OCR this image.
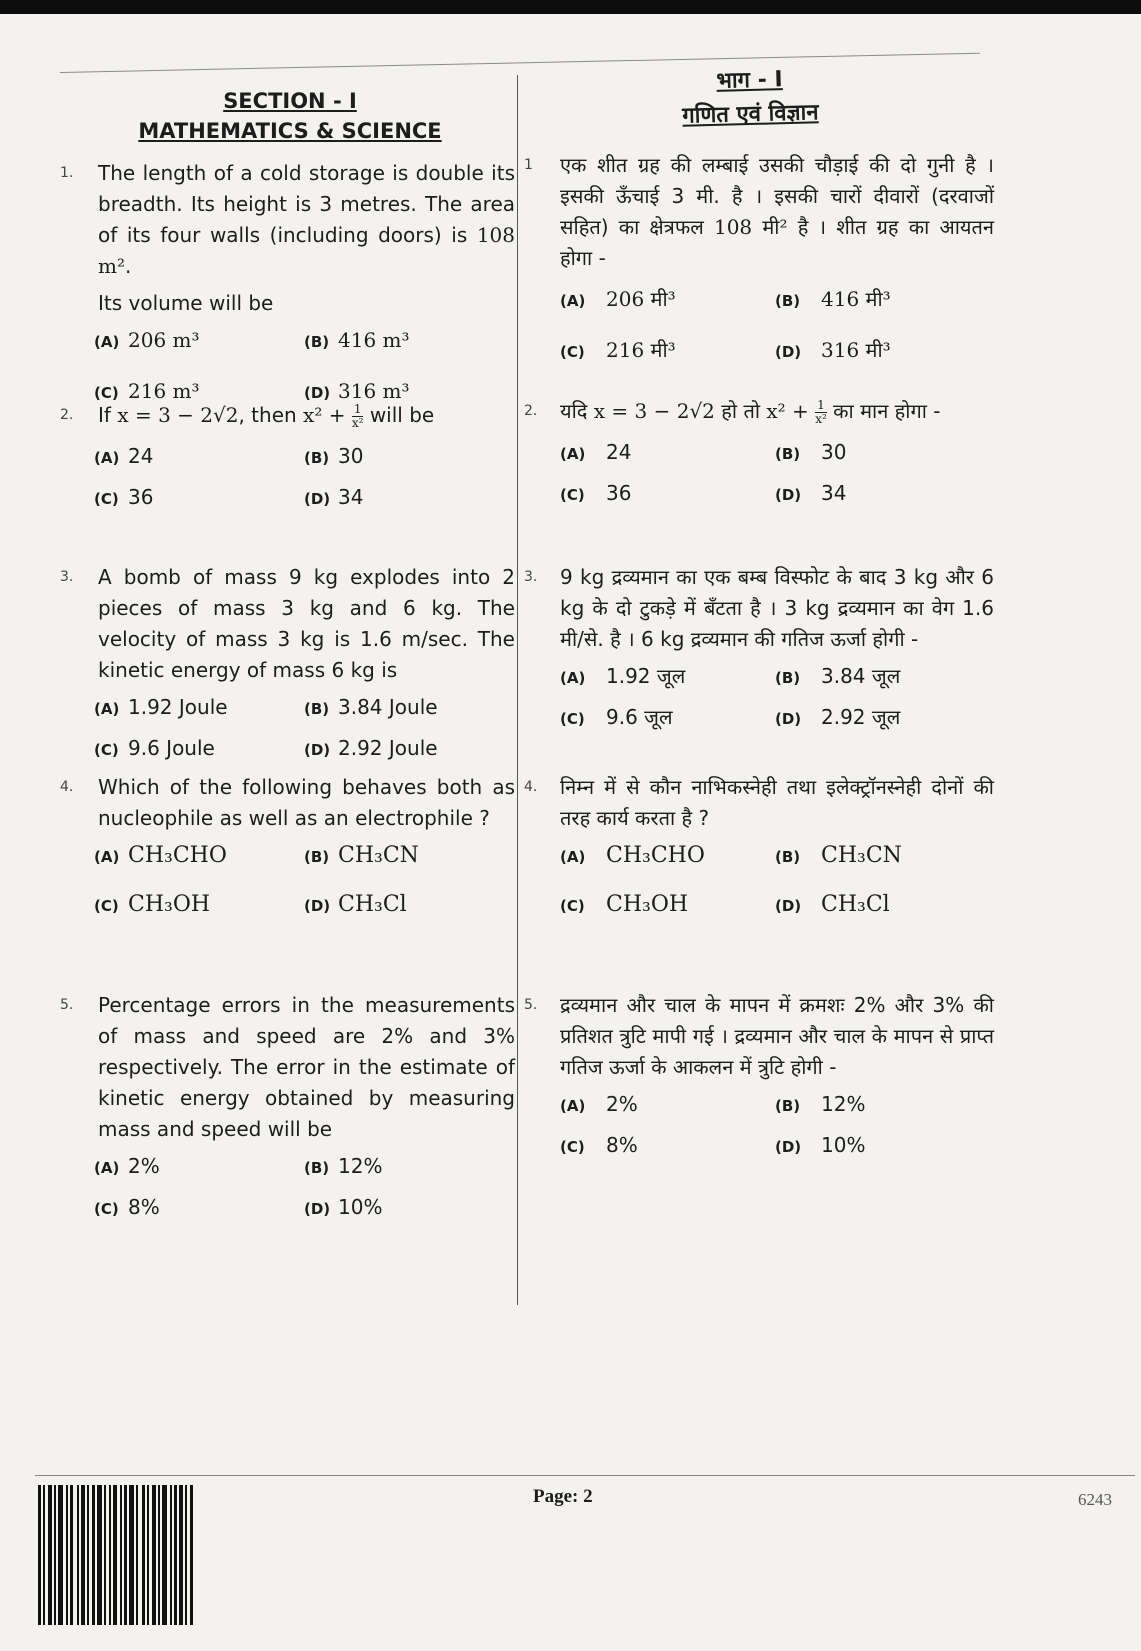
SECTION - I
MATHEMATICS & SCIENCE
भाग - I
गणित एवं विज्ञान
1. The length of a cold storage is double its breadth. Its height is 3 metres. The area of its four walls (including doors) is 108 m².
Its volume will be
(A) 206 m³	(B) 416 m³
(C) 216 m³	(D) 316 m³
2. If x = 3 − 2√2, then $x^2 + \frac{1}{\text{x²}}$ will be
(A) 24	(B) 30
(C) 36	(D) 34
3. A bomb of mass 9 kg explodes into 2 pieces of mass 3 kg and 6 kg. The velocity of mass 3 kg is 1.6 m/sec. The kinetic energy of mass 6 kg is
(A) 1.92 Joule	(B) 3.84 Joule
(C) 9.6 Joule	(D) 2.92 Joule
4. Which of the following behaves both as nucleophile as well as an electrophile ?
(A) CH₃CHO	(B) CH₃CN
(C) CH₃OH	(D) CH₃Cl
5. Percentage errors in the measurements of mass and speed are 2% and 3% respectively. The error in the estimate of kinetic energy obtained by measuring mass and speed will be
(A) 2%	(B) 12%
(C) 8%	(D) 10%
1 एक शीत ग्रह की लम्बाई उसकी चौड़ाई की दो गुनी है । इसकी ऊँचाई 3 मी. है । इसकी चारों दीवारों (दरवाजों सहित) का क्षेत्रफल 108 मी² है । शीत ग्रह का आयतन होगा -
(A)	206 मी³	(B)	416 मी³
(C)	216 मी³	(D) 316 मी³
2. यदि x = 3 − 2√2 हो तो $x^2 + \frac{1}{\text{x²}}$ का मान होगा -
(A)	24	(B)	30
(C)	36	(D) 34
3. 9 kg द्रव्यमान का एक बम्ब विस्फोट के बाद 3 kg और 6 kg के दो टुकड़े में बँटता है । 3 kg द्रव्यमान का वेग 1.6 मी/से. है । 6 kg द्रव्यमान की गतिज ऊर्जा होगी -
(A)	1.92 जूल	(B)	3.84 जूल
(C)	9.6 जूल	(D) 2.92 जूल
4. निम्न में से कौन नाभिकस्नेही तथा इलेक्ट्रॉनस्नेही दोनों की तरह कार्य करता है ?
(A) CH₃CHO	(B) CH₃CN
(C) CH₃OH	(D) CH₃Cl
5. द्रव्यमान और चाल के मापन में क्रमशः 2% और 3% की प्रतिशत त्रुटि मापी गई । द्रव्यमान और चाल के मापन से प्राप्त गतिज ऊर्जा के आकलन में त्रुटि होगी -
(A)	2%	(B)	12%
(C)	8%	(D) 10%
Page: 2	6243
